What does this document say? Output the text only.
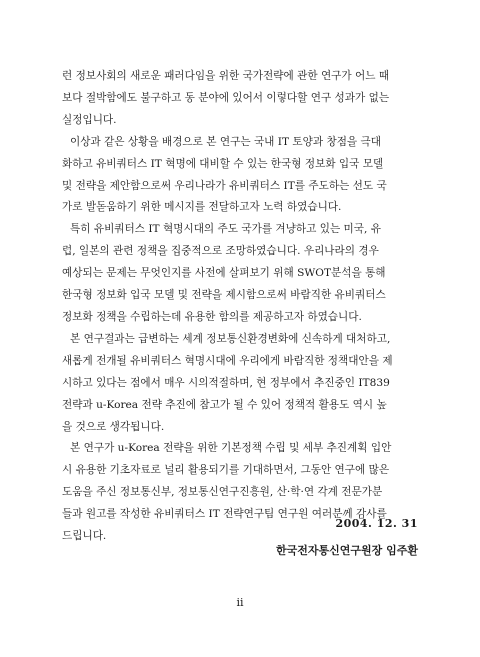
런 정보사회의 새로운 패러다임을 위한 국가전략에 관한 연구가 어느 때
보다 절박함에도 불구하고 동 분야에 있어서 이렇다할 연구 성과가 없는
실정입니다.

이상과 같은 상황을 배경으로 본 연구는 국내 IT 토양과 창점을 극대
화하고 유비쿼터스 IT 혁명에 대비할 수 있는 한국형 정보화 입국 모델
및 전략을 제안함으로써 우리나라가 유비쿼터스 IT를 주도하는 선도 국
가로 발돋움하기 위한 메시지를 전달하고자 노력 하였습니다.

특히 유비쿼터스 IT 혁명시대의 주도 국가를 겨냥하고 있는 미국, 유
럽, 일본의 관련 정책을 집중적으로 조망하였습니다. 우리나라의 경우
예상되는 문제는 무엇인지를 사전에 살펴보기 위해 SWOT분석을 통해
한국형 정보화 입국 모델 및 전략을 제시함으로써 바람직한 유비쿼터스
정보화 정책을 수립하는데 유용한 함의를 제공하고자 하였습니다.

본 연구결과는 급변하는 세계 정보통신환경변화에 신속하게 대처하고,
새롭게 전개될 유비쿼터스 혁명시대에 우리에게 바람직한 정책대안을 제
시하고 있다는 점에서 매우 시의적절하며, 현 정부에서 추진중인 IT839
전략과 u-Korea 전략 추진에 참고가 될 수 있어 정책적 활용도 역시 높
을 것으로 생각됩니다.

본 연구가 u-Korea 전략을 위한 기본정책 수립 및 세부 추진계획 입안
시 유용한 기초자료로 널리 활용되기를 기대하면서, 그동안 연구에 많은
도움을 주신 정보통신부, 정보통신연구진흥원, 산·학·연 각계 전문가분
들과 원고를 작성한 유비쿼터스 IT 전략연구팀 연구원 여러분께 감사를
드립니다.

2004. 12. 31
한국전자통신연구원장 임주환
ii
